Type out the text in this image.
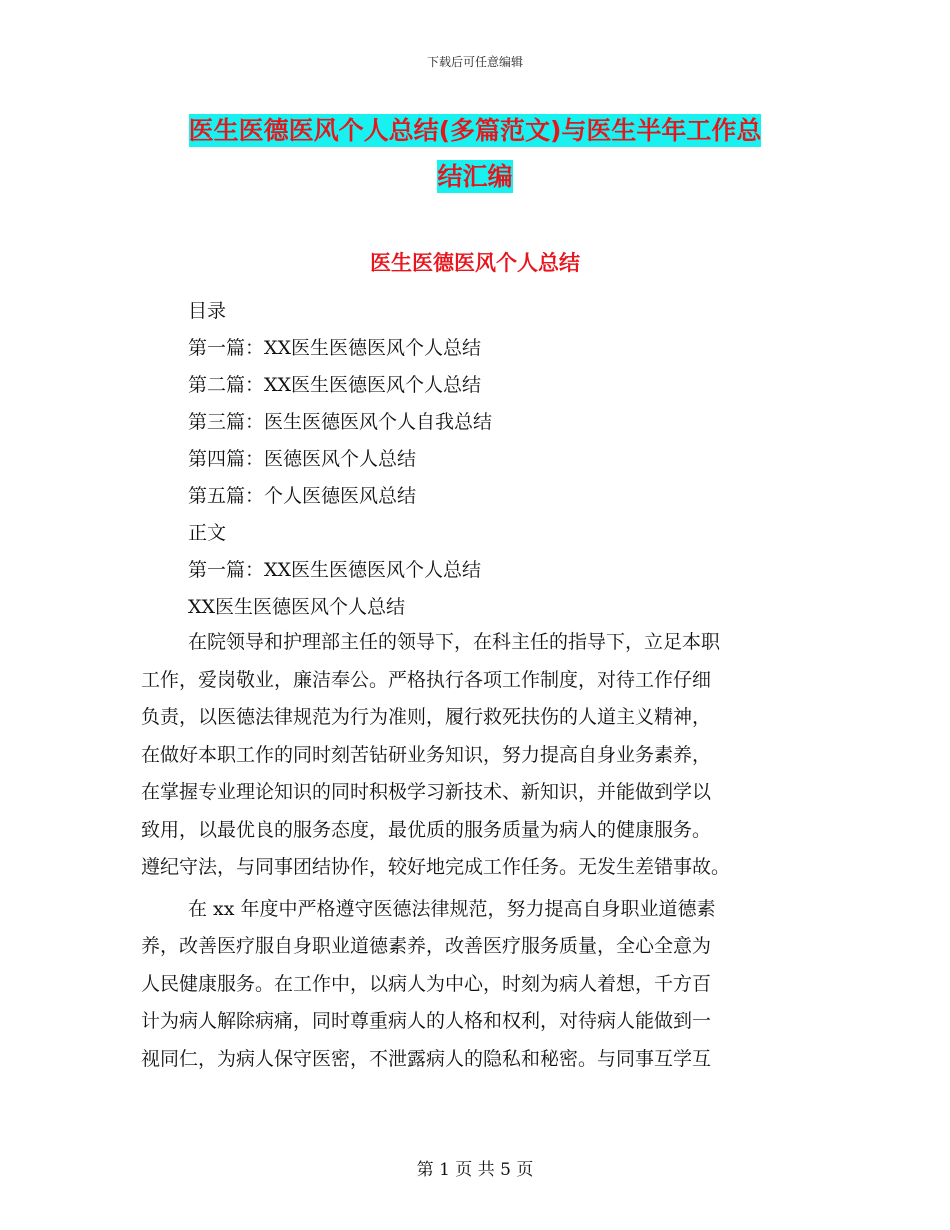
下载后可任意编辑
医生医德医风个人总结(多篇范文)与医生半年工作总
结汇编
医生医德医风个人总结
目录
第一篇：XX医生医德医风个人总结
第二篇：XX医生医德医风个人总结
第三篇：医生医德医风个人自我总结
第四篇：医德医风个人总结
第五篇：个人医德医风总结
正文
第一篇：XX医生医德医风个人总结
XX医生医德医风个人总结
在院领导和护理部主任的领导下，在科主任的指导下，立足本职
工作，爱岗敬业，廉洁奉公。严格执行各项工作制度，对待工作仔细
负责，以医德法律规范为行为准则，履行救死扶伤的人道主义精神，
在做好本职工作的同时刻苦钻研业务知识，努力提高自身业务素养，
在掌握专业理论知识的同时积极学习新技术、新知识，并能做到学以
致用，以最优良的服务态度，最优质的服务质量为病人的健康服务。
遵纪守法，与同事团结协作，较好地完成工作任务。无发生差错事故。
在 xx 年度中严格遵守医德法律规范，努力提高自身职业道德素
养，改善医疗服自身职业道德素养，改善医疗服务质量，全心全意为
人民健康服务。在工作中，以病人为中心，时刻为病人着想，千方百
计为病人解除病痛，同时尊重病人的人格和权利，对待病人能做到一
视同仁，为病人保守医密，不泄露病人的隐私和秘密。与同事互学互
第 1 页 共 5 页
